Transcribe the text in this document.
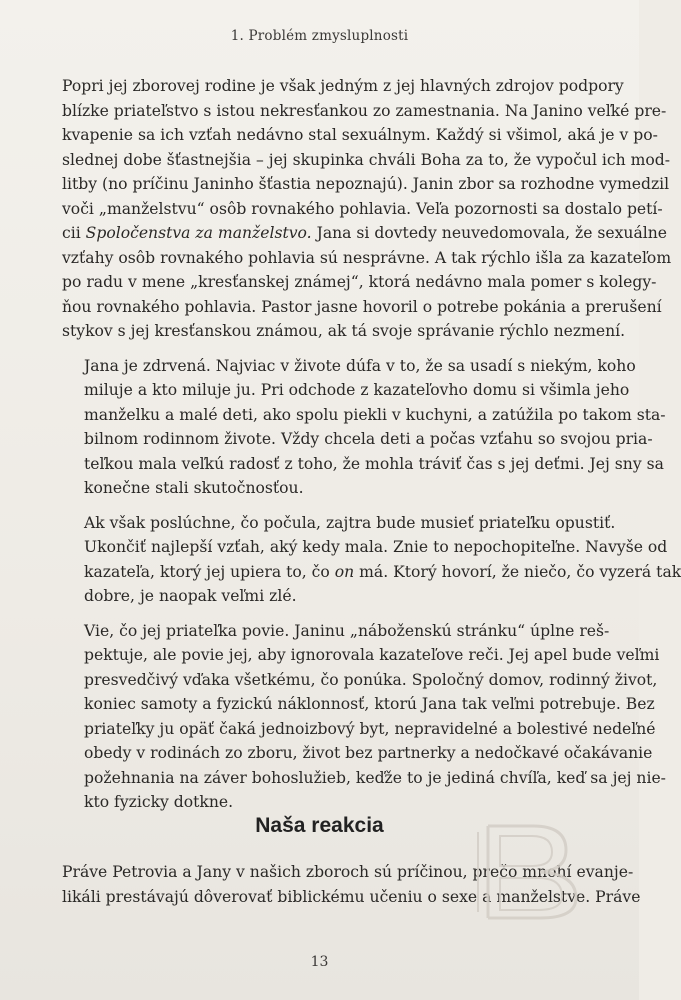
1. Problém zmysluplnosti

Popri jej zborovej rodine je však jedným z jej hlavných zdrojov podpory
blízke priateľstvo s istou nekresťankou zo zamestnania. Na Janino veľké pre-
kvapenie sa ich vzťah nedávno stal sexuálnym. Každý si všimol, aká je v po-
slednej dobe šťastnejšia – jej skupinka chváli Boha za to, že vypočul ich mod-
litby (no príčinu Janinho šťastia nepoznajú). Janin zbor sa rozhodne vymedzil
voči „manželstvu“ osôb rovnakého pohlavia. Veľa pozornosti sa dostalo petí-
cii Spoločenstva za manželstvo. Jana si dovtedy neuvedomovala, že sexuálne
vzťahy osôb rovnakého pohlavia sú nesprávne. A tak rýchlo išla za kazateľom
po radu v mene „kresťanskej známej“, ktorá nedávno mala pomer s kolegy-
ňou rovnakého pohlavia. Pastor jasne hovoril o potrebe pokánia a prerušení
stykov s jej kresťanskou známou, ak tá svoje správanie rýchlo nezmení.

Jana je zdrvená. Najviac v živote dúfa v to, že sa usadí s niekým, koho
miluje a kto miluje ju. Pri odchode z kazateľovho domu si všimla jeho
manželku a malé deti, ako spolu piekli v kuchyni, a zatúžila po takom sta-
bilnom rodinnom živote. Vždy chcela deti a počas vzťahu so svojou pria-
teľkou mala veľkú radosť z toho, že mohla tráviť čas s jej deťmi. Jej sny sa
konečne stali skutočnosťou.

Ak však poslúchne, čo počula, zajtra bude musieť priateľku opustiť.
Ukončiť najlepší vzťah, aký kedy mala. Znie to nepochopiteľne. Navyše od
kazateľa, ktorý jej upiera to, čo on má. Ktorý hovorí, že niečo, čo vyzerá tak
dobre, je naopak veľmi zlé.

Vie, čo jej priateľka povie. Janinu „náboženskú stránku“ úplne reš-
pektuje, ale povie jej, aby ignorovala kazateľove reči. Jej apel bude veľmi
presvedčivý vďaka všetkému, čo ponúka. Spoločný domov, rodinný život,
koniec samoty a fyzickú náklonnosť, ktorú Jana tak veľmi potrebuje. Bez
priateľky ju opäť čaká jednoizbový byt, nepravidelné a bolestivé nedeľné
obedy v rodinách zo zboru, život bez partnerky a nedočkavé očakávanie
požehnania na záver bohoslužieb, keďže to je jediná chvíľa, keď sa jej nie-
kto fyzicky dotkne.

Naša reakcia
Práve Petrovia a Jany v našich zboroch sú príčinou, prečo mnohí evanje-
likáli prestávajú dôverovať biblickému učeniu o sexe a manželstve. Práve
13
